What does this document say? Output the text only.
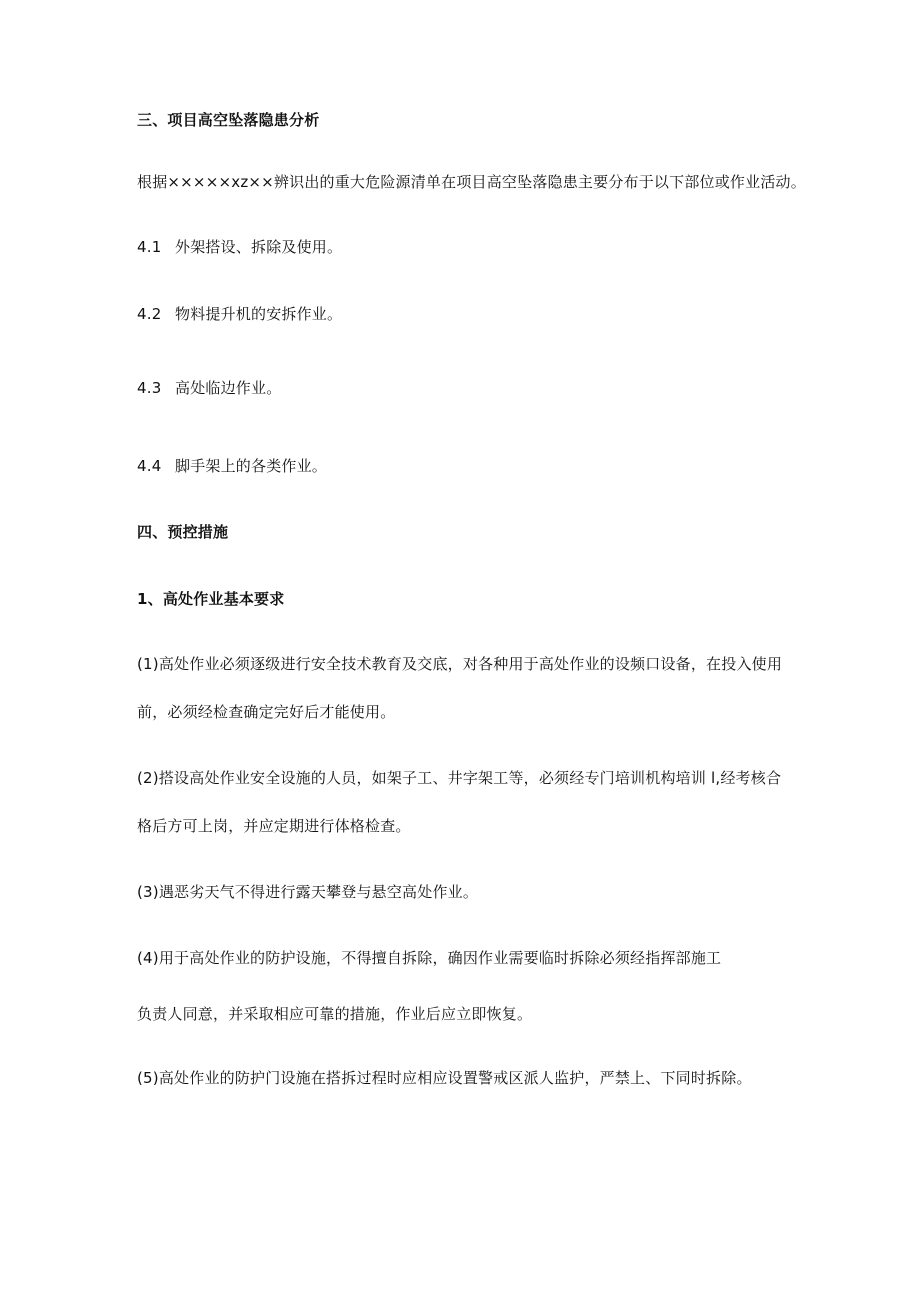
三、项目高空坠落隐患分析
根据×××××xz××辨识出的重大危险源清单在项目高空坠落隐患主要分布于以下部位或作业活动。
4.1 外架搭设、拆除及使用。
4.2 物料提升机的安拆作业。
4.3 高处临边作业。
4.4 脚手架上的各类作业。
四、预控措施
1、高处作业基本要求
(1)高处作业必须逐级进行安全技术教育及交底，对各种用于高处作业的设频口设备，在投入使用
前，必须经检查确定完好后才能使用。
(2)搭设高处作业安全设施的人员，如架子工、井字架工等，必须经专门培训机构培训 l,经考核合
格后方可上岗，并应定期进行体格检查。
(3)遇恶劣天气不得进行露天攀登与悬空高处作业。
(4)用于高处作业的防护设施，不得擅自拆除，确因作业需要临时拆除必须经指挥部施工
负责人同意，并采取相应可靠的措施，作业后应立即恢复。
(5)高处作业的防护门设施在搭拆过程时应相应设置警戒区派人监护，严禁上、下同时拆除。
